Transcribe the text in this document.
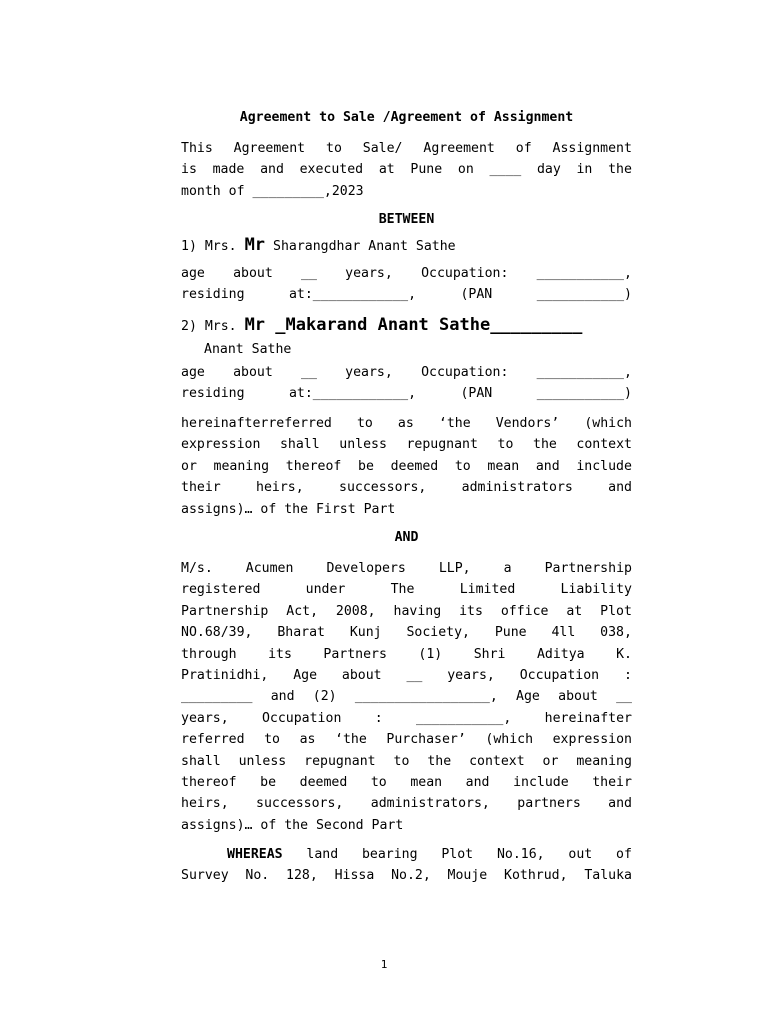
Agreement to Sale /Agreement of Assignment
This Agreement to Sale/ Agreement of Assignment
is made and executed at Pune on ____ day in the
month of _________,2023
BETWEEN
1) Mrs. Mr Sharangdhar Anant Sathe
age about __ years, Occupation: ___________,
residing	at:____________,	(PAN	___________)
2) Mrs. Mr _Makarand Anant Sathe_________
Anant Sathe
age about __ years, Occupation: ___________,
residing	at:____________,	(PAN	___________)
hereinafterreferred to as ‘the Vendors’ (which
expression shall unless repugnant to the context
or meaning thereof be deemed to mean and include
their	heirs,	successors,	administrators	and
assigns)… of the First Part
AND
M/s.	Acumen	Developers	LLP,	a	Partnership
registered	under	The	Limited	Liability
Partnership Act, 2008, having its office at Plot
NO.68/39, Bharat Kunj Society, Pune 4ll 038,
through its Partners (1) Shri Aditya K.
Pratinidhi, Age about __ years, Occupation :
_________ and (2) _________________, Age about __
years,	Occupation	:	___________,	hereinafter
referred to as ‘the Purchaser’ (which expression
shall unless repugnant to the context or meaning
thereof be deemed to mean and include their
heirs, successors, administrators, partners and
assigns)… of the Second Part
WHEREAS land bearing Plot No.16, out of
Survey No. 128, Hissa No.2, Mouje Kothrud, Taluka
1
